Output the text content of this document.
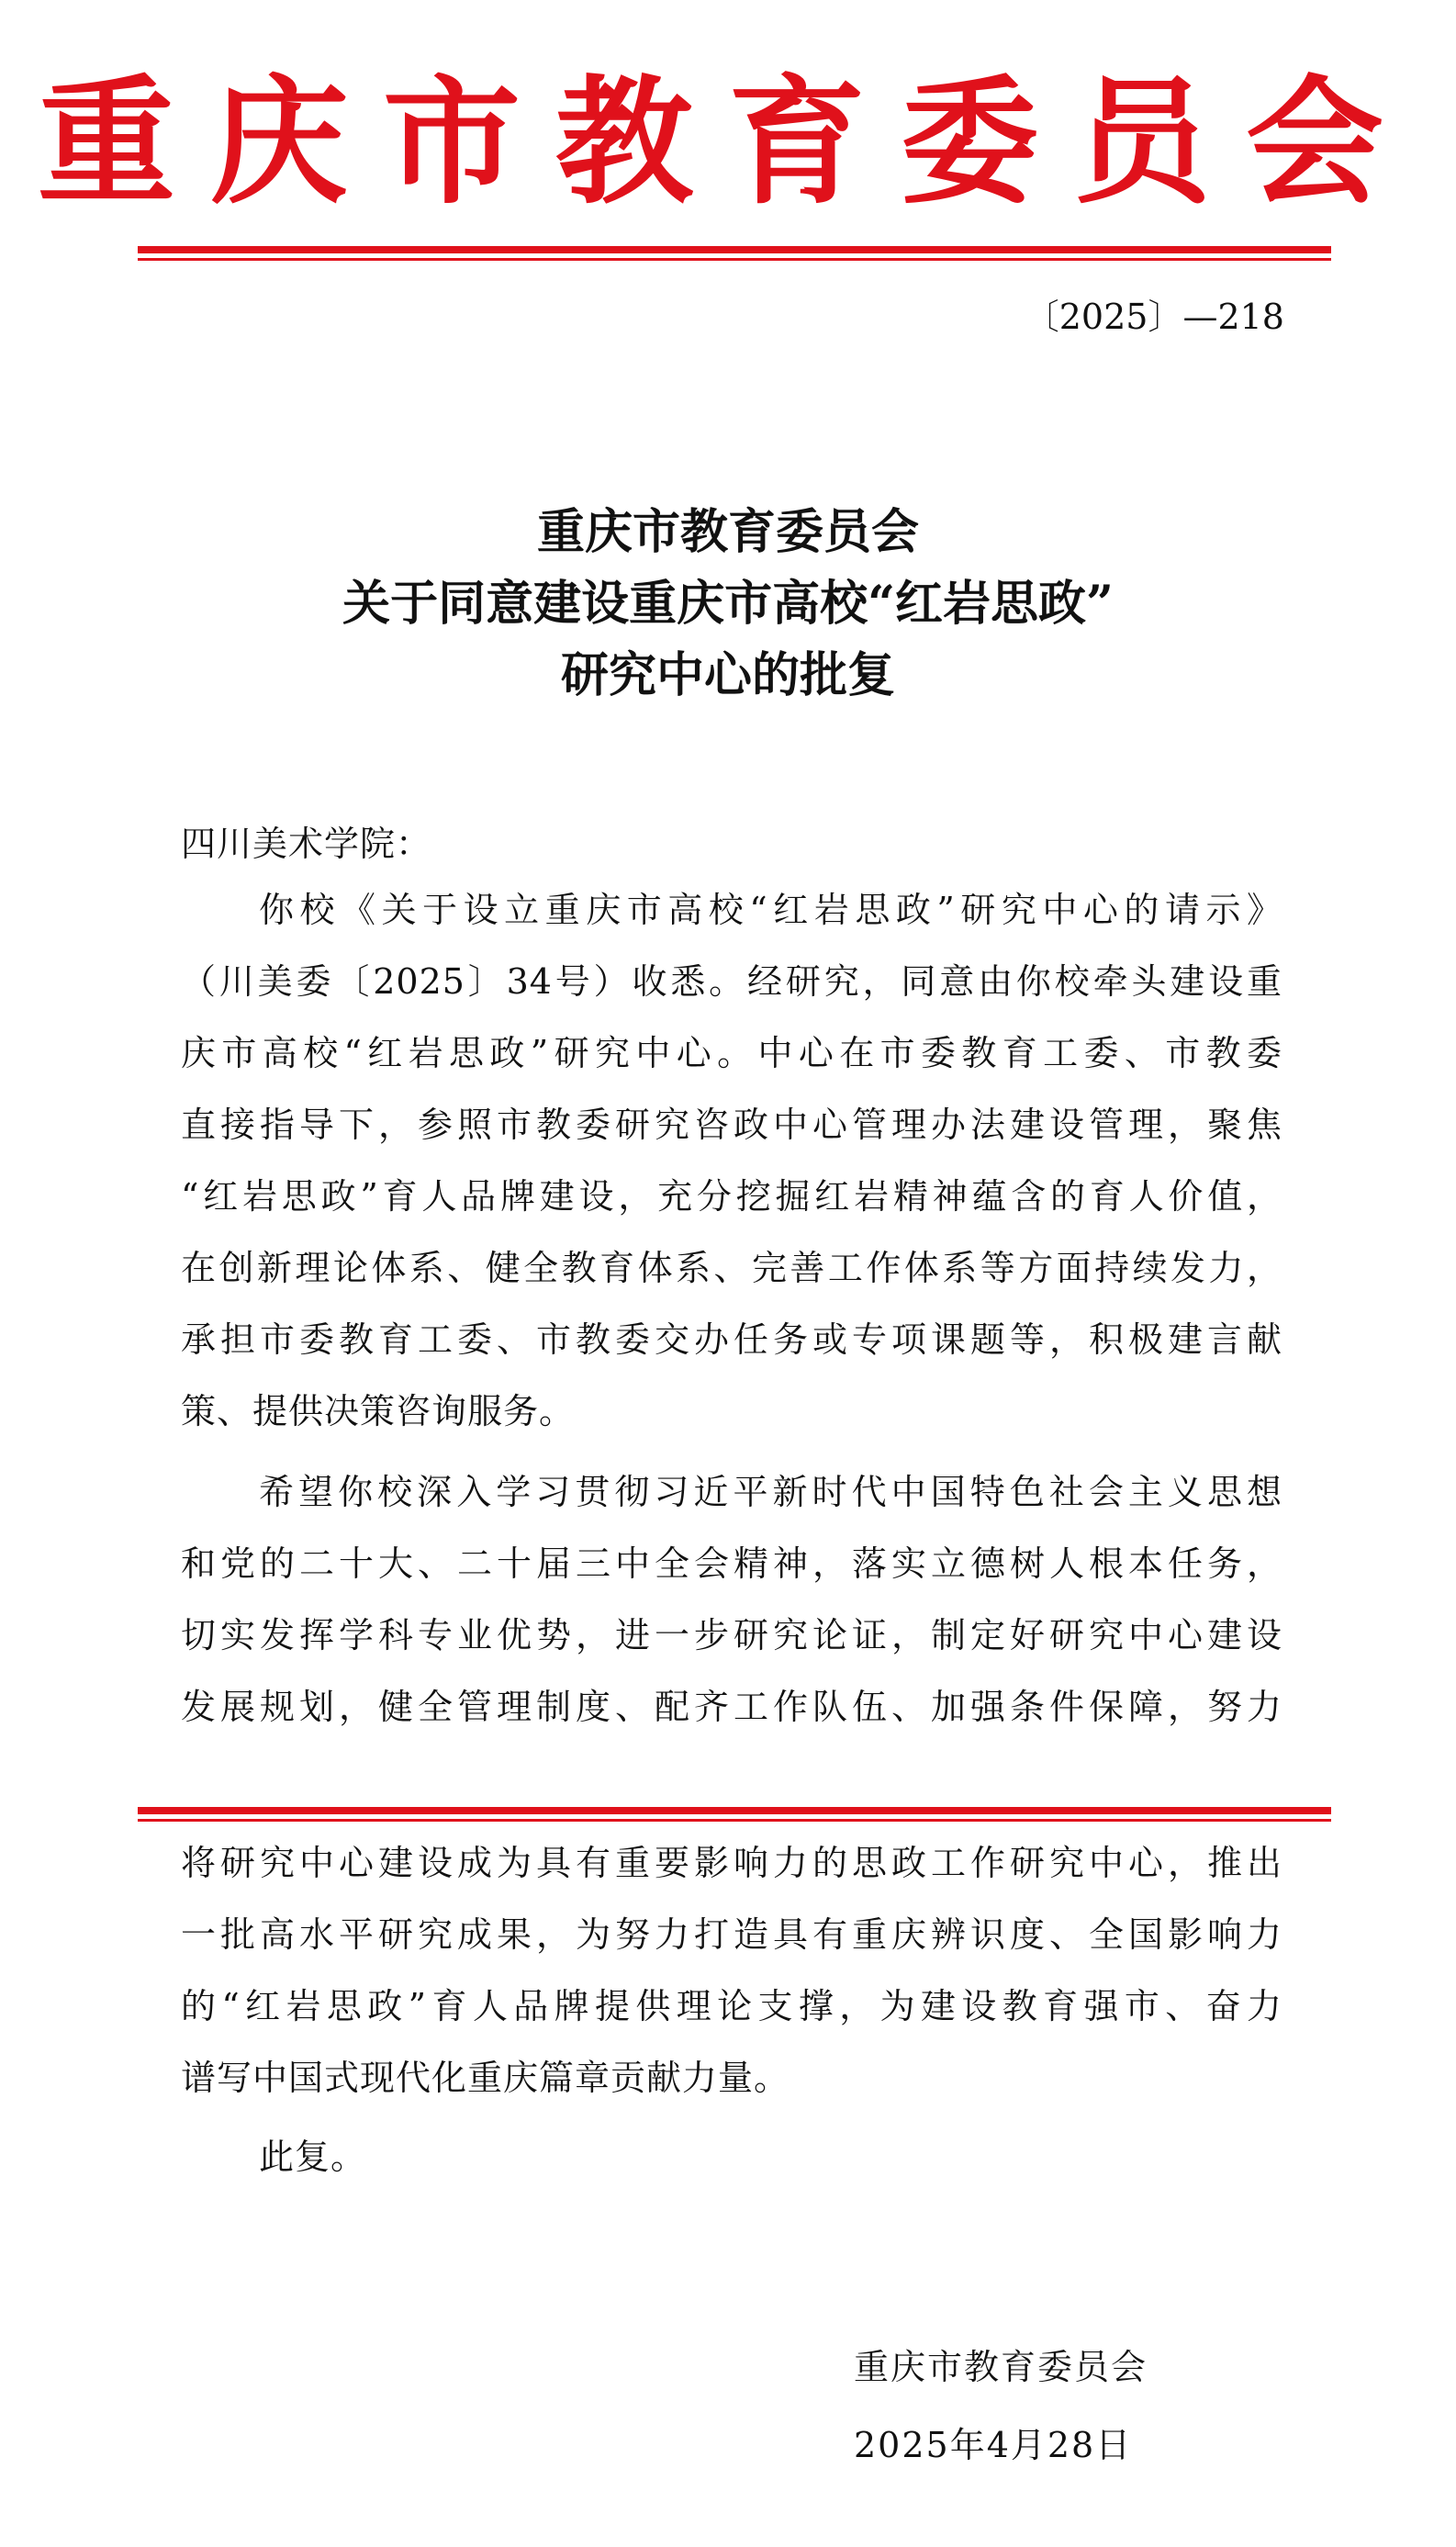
重庆市教育委员会
〔2025〕—218
重庆市教育委员会
关于同意建设重庆市高校“红岩思政”
研究中心的批复
四川美术学院：
你校《关于设立重庆市高校“红岩思政”研究中心的请示》
（川美委〔2025〕34号）收悉。经研究，同意由你校牵头建设重
庆市高校“红岩思政”研究中心。中心在市委教育工委、市教委
直接指导下，参照市教委研究咨政中心管理办法建设管理，聚焦
“红岩思政”育人品牌建设，充分挖掘红岩精神蕴含的育人价值，
在创新理论体系、健全教育体系、完善工作体系等方面持续发力，
承担市委教育工委、市教委交办任务或专项课题等，积极建言献
策、提供决策咨询服务。
希望你校深入学习贯彻习近平新时代中国特色社会主义思想
和党的二十大、二十届三中全会精神，落实立德树人根本任务，
切实发挥学科专业优势，进一步研究论证，制定好研究中心建设
发展规划，健全管理制度、配齐工作队伍、加强条件保障，努力
将研究中心建设成为具有重要影响力的思政工作研究中心，推出
一批高水平研究成果，为努力打造具有重庆辨识度、全国影响力
的“红岩思政”育人品牌提供理论支撑，为建设教育强市、奋力
谱写中国式现代化重庆篇章贡献力量。
此复。
重庆市教育委员会
2025年4月28日
